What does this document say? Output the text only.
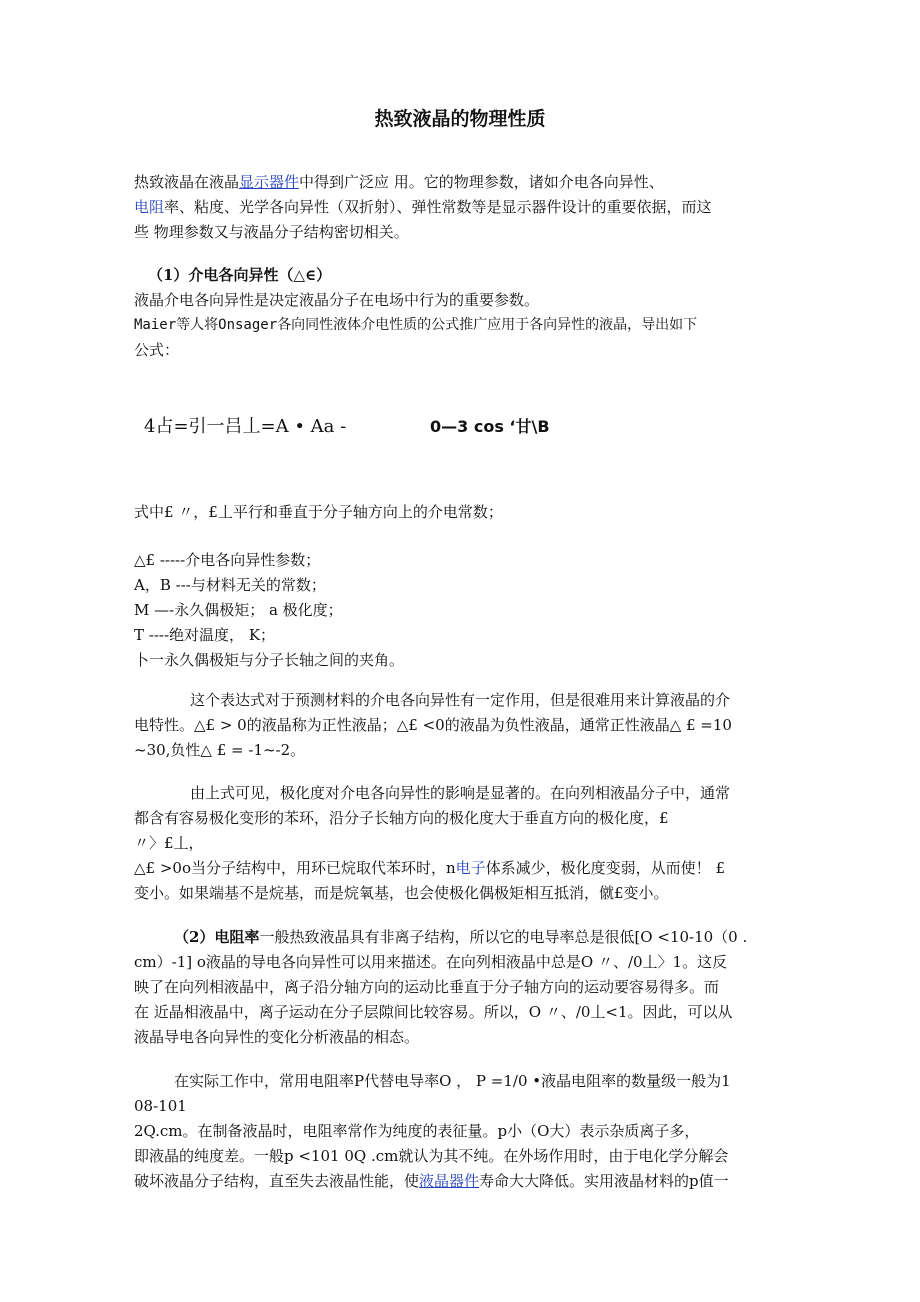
热致液晶的物理性质
热致液晶在液晶显示器件中得到广泛应 用。它的物理参数，诸如介电各向异性、
电阻率、粘度、光学各向异性（双折射）、弹性常数等是显示器件设计的重要依据，而这
些 物理参数又与液晶分子结构密切相关。
（1）介电各向异性（△∈）
液晶介电各向异性是决定液晶分子在电场中行为的重要参数。
Maier等人将Onsager各向同性液体介电性质的公式推广应用于各向异性的液晶，导出如下
公式：
4占=引一吕丄=A • Aa -	0—3 cos ʻ甘\B
式中£ 〃，£丄平行和垂直于分子轴方向上的介电常数；
△£ -----介电各向异性参数；
A，B ---与材料无关的常数；
M —-永久偶极矩； a 极化度；
T ----绝对温度， K；
卜一永久偶极矩与分子长轴之间的夹角。
这个表达式对于预测材料的介电各向异性有一定作用，但是很难用来计算液晶的介
电特性。△£ > 0的液晶称为正性液晶；△£ <0的液晶为负性液晶，通常正性液晶△ £ =10
~30,负性△ £ = -1~-2。
由上式可见，极化度对介电各向异性的影响是显著的。在向列相液晶分子中，通常
都含有容易极化变形的苯环，沿分子长轴方向的极化度大于垂直方向的极化度，£
〃〉£丄，
△£ >0o当分子结构中，用环已烷取代苯环时，n电子体系减少，极化度变弱，从而使！ £
变小。如果端基不是烷基，而是烷氧基，也会使极化偶极矩相互抵消，僦£变小。
（2）电阻率一般热致液晶具有非离子结构，所以它的电导率总是很低[O <10-10（0 .
cm）-1] o液晶的导电各向异性可以用来描述。在向列相液晶中总是O 〃、/0丄〉1。这反
映了在向列相液晶中，离子沿分轴方向的运动比垂直于分子轴方向的运动要容易得多。而
在 近晶相液晶中，离子运动在分子层隙间比较容易。所以，O 〃、/0丄<1。因此，可以从
液晶导电各向异性的变化分析液晶的相态。
在实际工作中，常用电阻率P代替电导率O ， P =1/0 •液晶电阻率的数量级一般为1
08-101
2Q.cm。在制备液晶时，电阻率常作为纯度的表征量。p小（O大）表示杂质离子多，
即液晶的纯度差。一般p <101 0Q .cm就认为其不纯。在外场作用时，由于电化学分解会
破坏液晶分子结构，直至失去液晶性能，使液晶器件寿命大大降低。实用液晶材料的p值一
